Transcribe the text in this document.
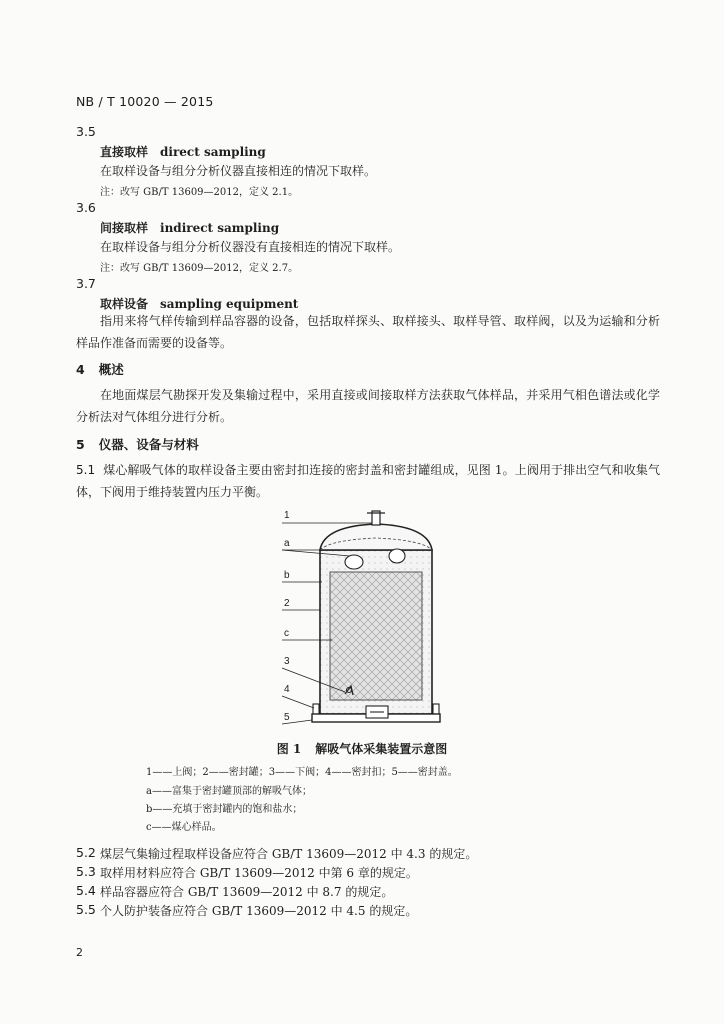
NB / T 10020 — 2015
3.5
直接取样 direct sampling
在取样设备与组分分析仪器直接相连的情况下取样。
注：改写 GB/T 13609—2012，定义 2.1。
3.6
间接取样 indirect sampling
在取样设备与组分分析仪器没有直接相连的情况下取样。
注：改写 GB/T 13609—2012，定义 2.7。
3.7
取样设备 sampling equipment
指用来将气样传输到样品容器的设备，包括取样探头、取样接头、取样导管、取样阀，以及为运输和分析样品作准备而需要的设备等。
4 概述
在地面煤层气勘探开发及集输过程中，采用直接或间接取样方法获取气体样品，并采用气相色谱法或化学分析法对气体组分进行分析。
5 仪器、设备与材料
5.1 煤心解吸气体的取样设备主要由密封扣连接的密封盖和密封罐组成，见图 1。上阀用于排出空气和收集气体，下阀用于维持装置内压力平衡。
1
a
b
2
c
3
4
5
图 1 解吸气体采集装置示意图
1——上阀；2——密封罐；3——下阀；4——密封扣；5——密封盖。
a——富集于密封罐顶部的解吸气体；
b——充填于密封罐内的饱和盐水；
c——煤心样品。
5.2 煤层气集输过程取样设备应符合 GB/T 13609—2012 中 4.3 的规定。
5.3 取样用材料应符合 GB/T 13609—2012 中第 6 章的规定。
5.4 样品容器应符合 GB/T 13609—2012 中 8.7 的规定。
5.5 个人防护装备应符合 GB/T 13609—2012 中 4.5 的规定。
2
